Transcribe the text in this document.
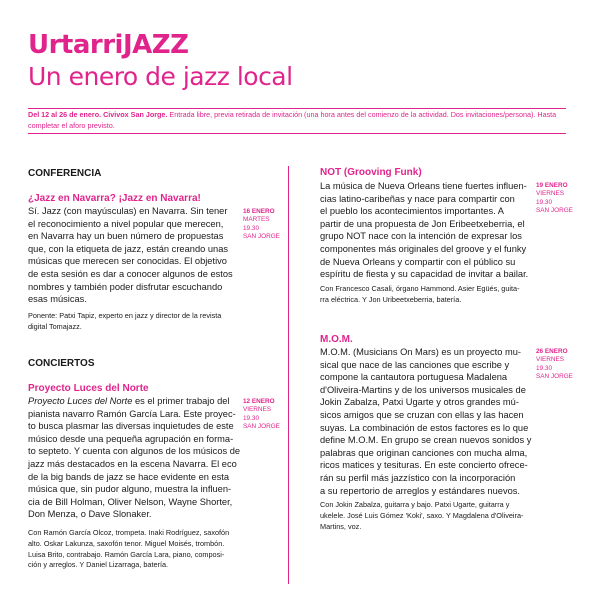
UrtarriJAZZ
Un enero de jazz local

Del 12 al 26 de enero. Civivox San Jorge. Entrada libre, previa retirada de invitación (una hora antes del comienzo de la actividad. Dos invitaciones/persona). Hasta completar el aforo previsto.

CONFERENCIA

¿Jazz en Navarra? ¡Jazz en Navarra!

Sí. Jazz (con mayúsculas) en Navarra. Sin tener
el reconocimiento a nivel popular que merecen,
en Navarra hay un buen número de propuestas
que, con la etiqueta de jazz, están creando unas
músicas que merecen ser conocidas. El objetivo
de esta sesión es dar a conocer algunos de estos
nombres y también poder disfrutar escuchando
esas músicas.
Ponente: Patxi Tapiz, experto en jazz y director de la revista
digital Tomajazz.
16 ENERO
MARTES
19.30
SAN JORGE

CONCIERTOS

Proyecto Luces del Norte

Proyecto Luces del Norte es el primer trabajo del
pianista navarro Ramón García Lara. Este proyec-
to busca plasmar las diversas inquietudes de este
músico desde una pequeña agrupación en forma-
to septeto. Y cuenta con algunos de los músicos de
jazz más destacados en la escena Navarra. El eco
de la big bands de jazz se hace evidente en esta
música que, sin pudor alguno, muestra la influen-
cia de Bill Holman, Oliver Nelson, Wayne Shorter,
Don Menza, o Dave Slonaker.
Con Ramón García Olcoz, trompeta. Inaki Rodríguez, saxofón
alto. Oskar Lakunza, saxofón tenor. Miguel Moisés, trombón.
Luisa Brito, contrabajo. Ramón García Lara, piano, composi-
ción y arreglos. Y Daniel Lizarraga, batería.
12 ENERO
VIERNES
19.30
SAN JORGE

NOT (Grooving Funk)

La música de Nueva Orleans tiene fuertes influen-
cias latino-caribeñas y nace para compartir con
el pueblo los acontecimientos importantes. A
partir de una propuesta de Jon Eribeetxeberria, el
grupo NOT nace con la intención de expresar los
componentes más originales del groove y el funky
de Nueva Orleans y compartir con el público su
espíritu de fiesta y su capacidad de invitar a bailar.
Con Francesco Casali, órgano Hammond. Asier Egüés, guita-
rra eléctrica. Y Jon Uribeetxeberria, batería.
19 ENERO
VIERNES
19.30
SAN JORGE

M.O.M.

M.O.M. (Musicians On Mars) es un proyecto mu-
sical que nace de las canciones que escribe y
compone la cantautora portuguesa Madalena
d'Oliveira-Martins y de los universos musicales de
Jokin Zabalza, Patxi Ugarte y otros grandes mú-
sicos amigos que se cruzan con ellas y las hacen
suyas. La combinación de estos factores es lo que
define M.O.M. En grupo se crean nuevos sonidos y
palabras que originan canciones con mucha alma,
ricos matices y tesituras. En este concierto ofrece-
rán su perfil más jazzístico con la incorporación
a su repertorio de arreglos y estándares nuevos.
Con Jokin Zabalza, guitarra y bajo. Patxi Ugarte, guitarra y
ukelele. José Luis Gómez 'Koki', saxo. Y Magdalena d'Oliveira-
Martins, voz.
26 ENERO
VIERNES
19.30
SAN JORGE
